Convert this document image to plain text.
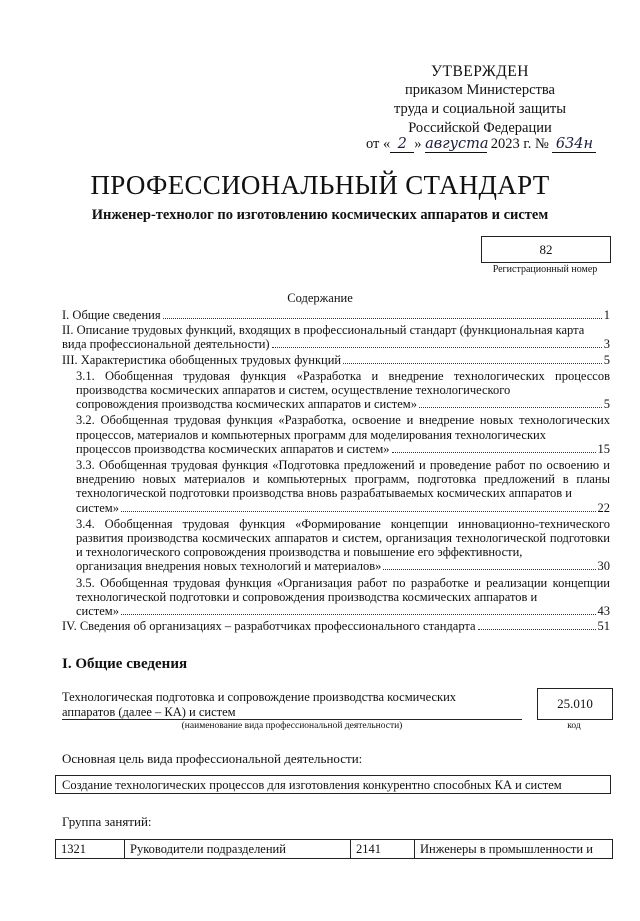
УТВЕРЖДЕН
приказом Министерства
труда и социальной защиты
Российской Федерации
от « 2 » августа 2023 г. № 634н
ПРОФЕССИОНАЛЬНЫЙ СТАНДАРТ
Инженер-технолог по изготовлению космических аппаратов и систем
82
Регистрационный номер
Содержание
I. Общие сведения	1
II. Описание трудовых функций, входящих в профессиональный стандарт (функциональная карта
вида профессиональной деятельности)	3
III. Характеристика обобщенных трудовых функций	5
3.1. Обобщенная трудовая функция «Разработка и внедрение технологических процессов производства космических аппаратов и систем, осуществление технологического
сопровождения производства космических аппаратов и систем»	5
3.2. Обобщенная трудовая функция «Разработка, освоение и внедрение новых технологических процессов, материалов и компьютерных программ для моделирования технологических
процессов производства космических аппаратов и систем»	15
3.3. Обобщенная трудовая функция «Подготовка предложений и проведение работ по освоению и внедрению новых материалов и компьютерных программ, подготовка предложений в планы технологической подготовки производства вновь разрабатываемых космических аппаратов и
систем»	22
3.4. Обобщенная трудовая функция «Формирование концепции инновационно-технического развития производства космических аппаратов и систем, организация технологической подготовки и технологического сопровождения производства и повышение его эффективности,
организация внедрения новых технологий и материалов»	30
3.5. Обобщенная трудовая функция «Организация работ по разработке и реализации концепции технологической подготовки и сопровождения производства космических аппаратов и
систем»	43
IV. Сведения об организациях – разработчиках профессионального стандарта	51
I. Общие сведения
Технологическая подготовка и сопровождение производства космических аппаратов (далее – КА) и систем
(наименование вида профессиональной деятельности)
25.010
код
Основная цель вида профессиональной деятельности:
Создание технологических процессов для изготовления конкурентно способных КА и систем
Группа занятий:
1321	Руководители подразделений	2141	Инженеры в промышленности и
